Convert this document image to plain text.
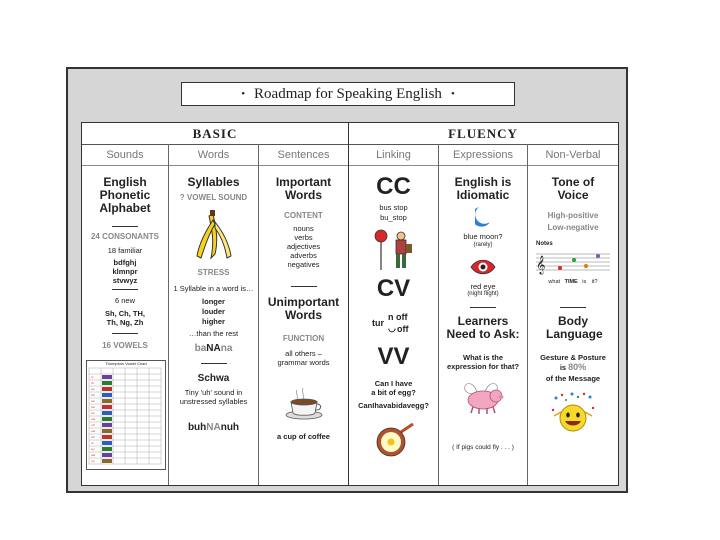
• Roadmap for Speaking English •
BASIC	FLUENCY
Sounds	Words	Sentences	Linking	Expressions	Non-Verbal
English Phonetic Alphabet
24 CONSONANTS
18 familiar
bdfghj
klmnpr
stvwyz
6 new
Sh, Ch, TH,
Th, Ng, Zh
16 VOWELS
Thompson Vowel Chart
iy
ih
ey
eh
ae
aa
ao
ow
uh
uw
ah
er
ay
aw
oy
Syllables
? VOWEL SOUND
STRESS
1 Syllable in a word is…
longer
louder
higher
…than the rest
baNAna
Schwa
Tiny 'uh' sound in
unstressed syllables
buhNAnuh
Important Words
CONTENT
nouns
verbs
adjectives
adverbs
negatives
Unimportant Words
FUNCTION
all others –
grammar words
a cup of coffee
CC
bus stop
bu_stop
CV
tur
n off
◡ off
VV
Can I have
a bit of egg?
CanIhavabidavegg?
English is Idiomatic
blue moon?
(rarely)
red eye
(night flight)
Learners Need to Ask:
What is the
expression for that?
( If pigs could fly . . . )
Tone of Voice
High-positive
Low-negative
Notes
𝄞
what TIME is it?
Body Language
Gesture & Posture
is 80%
of the Message
